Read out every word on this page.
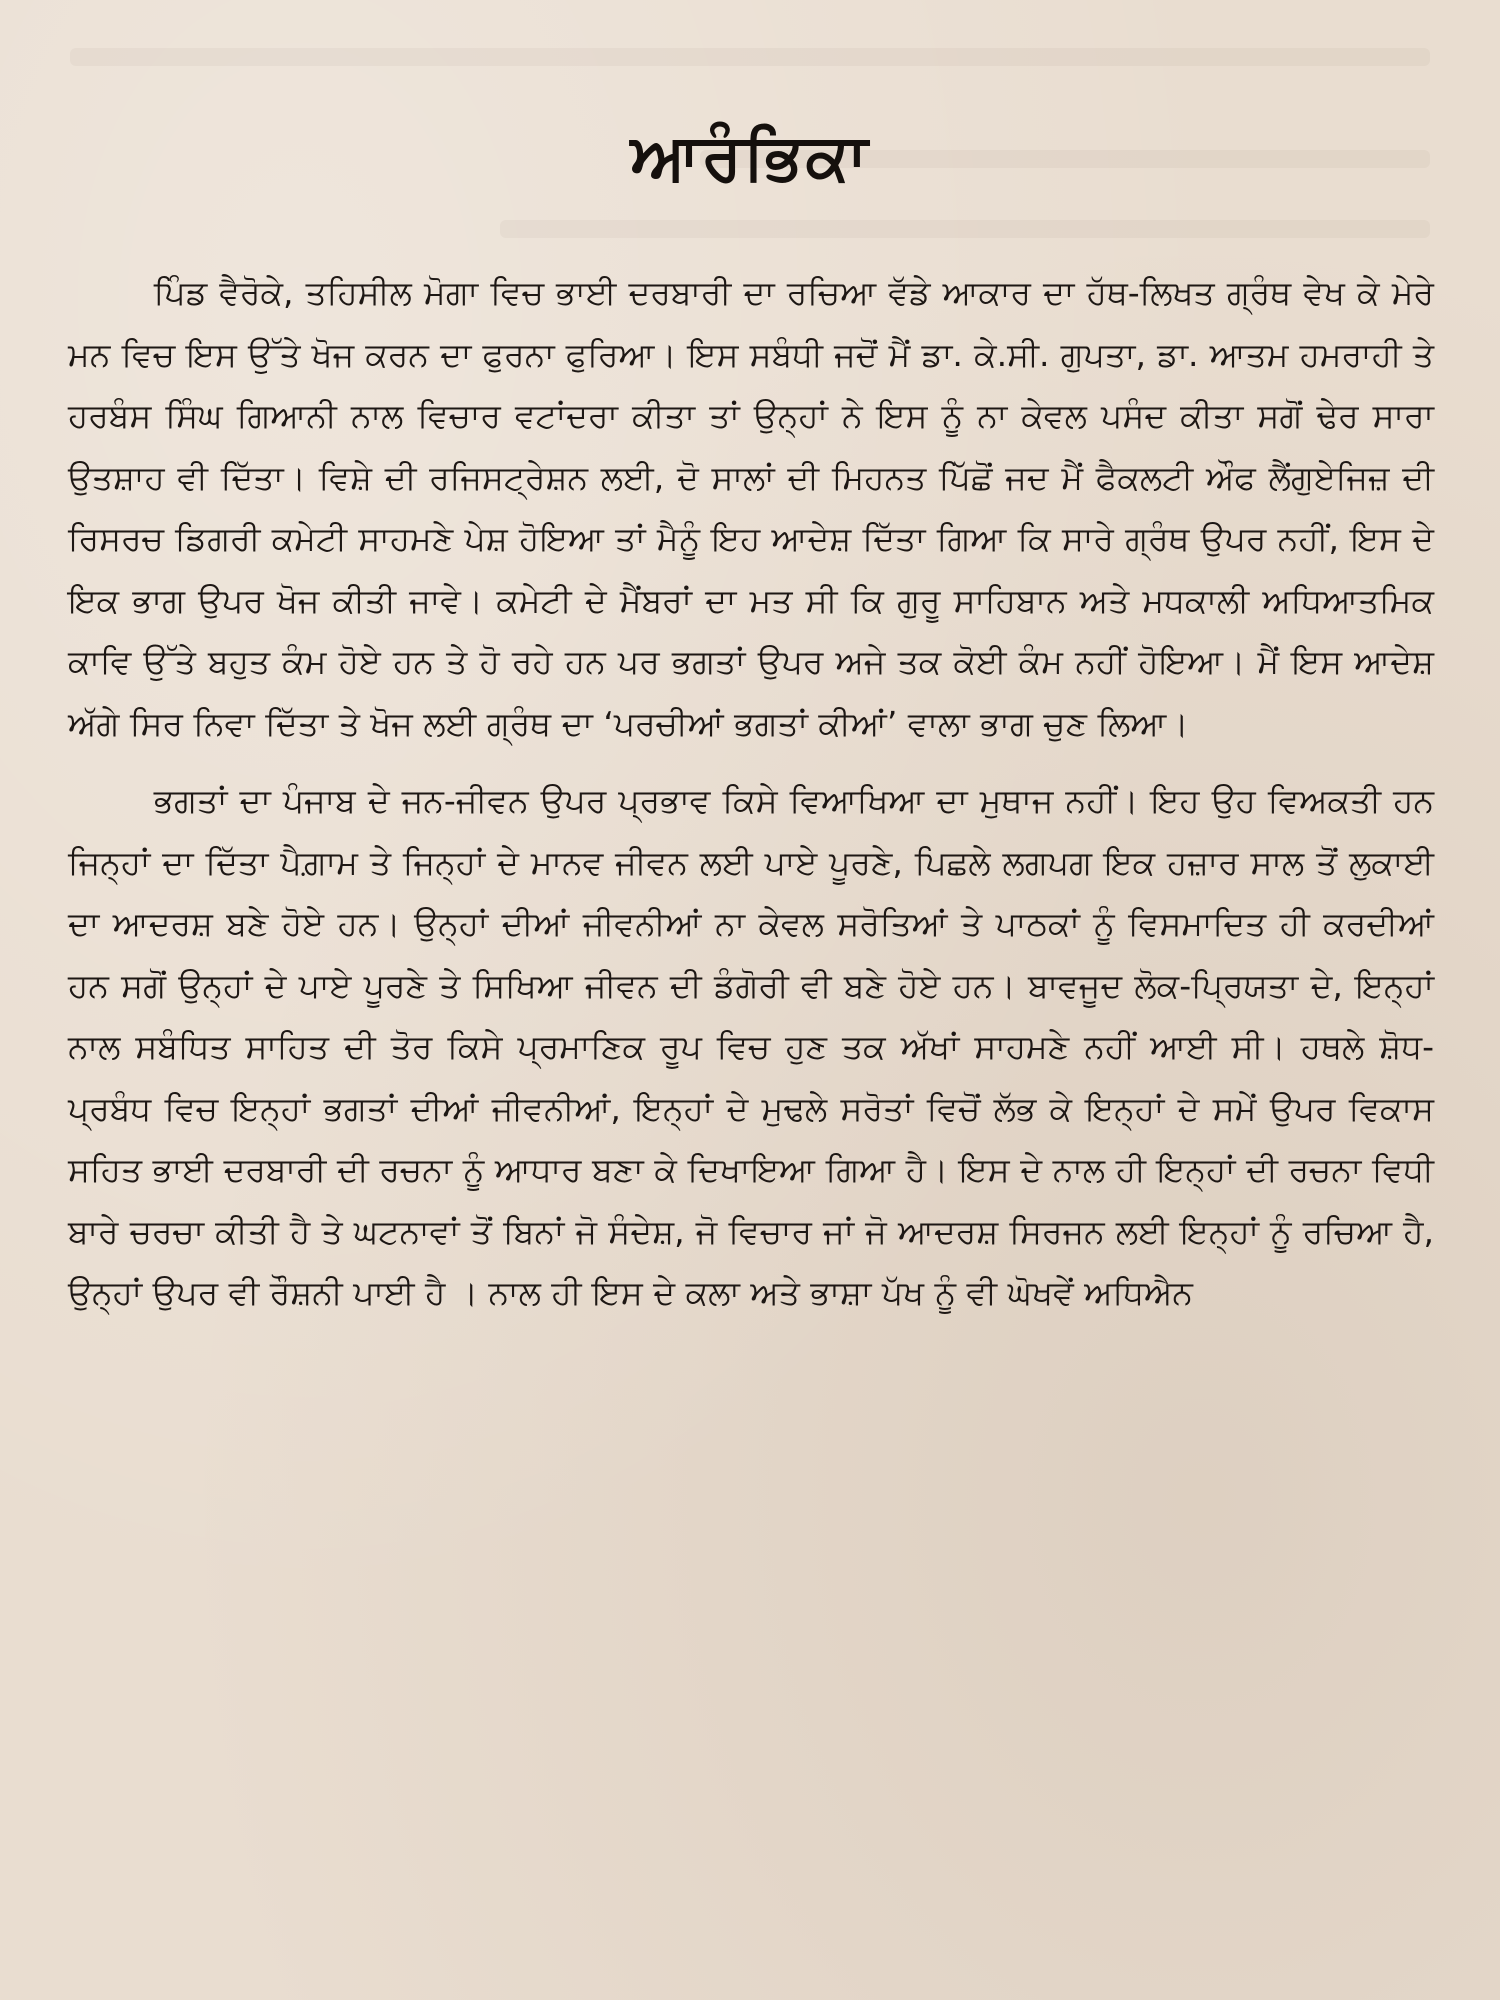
ਆਰੰਭਿਕਾ

ਪਿੰਡ ਵੈਰੋਕੇ, ਤਹਿਸੀਲ ਮੋਗਾ ਵਿਚ ਭਾਈ ਦਰਬਾਰੀ ਦਾ ਰਚਿਆ ਵੱਡੇ ਆਕਾਰ ਦਾ ਹੱਥ-ਲਿਖਤ ਗ੍ਰੰਥ ਵੇਖ ਕੇ ਮੇਰੇ ਮਨ ਵਿਚ ਇਸ ਉੱਤੇ ਖੋਜ ਕਰਨ ਦਾ ਫੁਰਨਾ ਫੁਰਿਆ। ਇਸ ਸਬੰਧੀ ਜਦੋਂ ਮੈਂ ਡਾ. ਕੇ.ਸੀ. ਗੁਪਤਾ, ਡਾ. ਆਤਮ ਹਮਰਾਹੀ ਤੇ ਹਰਬੰਸ ਸਿੰਘ ਗਿਆਨੀ ਨਾਲ ਵਿਚਾਰ ਵਟਾਂਦਰਾ ਕੀਤਾ ਤਾਂ ਉਨ੍ਹਾਂ ਨੇ ਇਸ ਨੂੰ ਨਾ ਕੇਵਲ ਪਸੰਦ ਕੀਤਾ ਸਗੋਂ ਢੇਰ ਸਾਰਾ ਉਤਸ਼ਾਹ ਵੀ ਦਿੱਤਾ। ਵਿਸ਼ੇ ਦੀ ਰਜਿਸਟ੍ਰੇਸ਼ਨ ਲਈ, ਦੋ ਸਾਲਾਂ ਦੀ ਮਿਹਨਤ ਪਿੱਛੋਂ ਜਦ ਮੈਂ ਫੈਕਲਟੀ ਔਫ ਲੈਂਗੁਏਜਿਜ਼ ਦੀ ਰਿਸਰਚ ਡਿਗਰੀ ਕਮੇਟੀ ਸਾਹਮਣੇ ਪੇਸ਼ ਹੋਇਆ ਤਾਂ ਮੈਨੂੰ ਇਹ ਆਦੇਸ਼ ਦਿੱਤਾ ਗਿਆ ਕਿ ਸਾਰੇ ਗ੍ਰੰਥ ਉਪਰ ਨਹੀਂ, ਇਸ ਦੇ ਇਕ ਭਾਗ ਉਪਰ ਖੋਜ ਕੀਤੀ ਜਾਵੇ। ਕਮੇਟੀ ਦੇ ਮੈਂਬਰਾਂ ਦਾ ਮਤ ਸੀ ਕਿ ਗੁਰੂ ਸਾਹਿਬਾਨ ਅਤੇ ਮਧਕਾਲੀ ਅਧਿਆਤਮਿਕ ਕਾਵਿ ਉੱਤੇ ਬਹੁਤ ਕੰਮ ਹੋਏ ਹਨ ਤੇ ਹੋ ਰਹੇ ਹਨ ਪਰ ਭਗਤਾਂ ਉਪਰ ਅਜੇ ਤਕ ਕੋਈ ਕੰਮ ਨਹੀਂ ਹੋਇਆ। ਮੈਂ ਇਸ ਆਦੇਸ਼ ਅੱਗੇ ਸਿਰ ਨਿਵਾ ਦਿੱਤਾ ਤੇ ਖੋਜ ਲਈ ਗ੍ਰੰਥ ਦਾ ‘ਪਰਚੀਆਂ ਭਗਤਾਂ ਕੀਆਂ’ ਵਾਲਾ ਭਾਗ ਚੁਣ ਲਿਆ।

ਭਗਤਾਂ ਦਾ ਪੰਜਾਬ ਦੇ ਜਨ-ਜੀਵਨ ਉਪਰ ਪ੍ਰਭਾਵ ਕਿਸੇ ਵਿਆਖਿਆ ਦਾ ਮੁਥਾਜ ਨਹੀਂ। ਇਹ ਉਹ ਵਿਅਕਤੀ ਹਨ ਜਿਨ੍ਹਾਂ ਦਾ ਦਿੱਤਾ ਪੈਗ਼ਾਮ ਤੇ ਜਿਨ੍ਹਾਂ ਦੇ ਮਾਨਵ ਜੀਵਨ ਲਈ ਪਾਏ ਪੂਰਣੇ, ਪਿਛਲੇ ਲਗਪਗ ਇਕ ਹਜ਼ਾਰ ਸਾਲ ਤੋਂ ਲੁਕਾਈ ਦਾ ਆਦਰਸ਼ ਬਣੇ ਹੋਏ ਹਨ। ਉਨ੍ਹਾਂ ਦੀਆਂ ਜੀਵਨੀਆਂ ਨਾ ਕੇਵਲ ਸਰੋਤਿਆਂ ਤੇ ਪਾਠਕਾਂ ਨੂੰ ਵਿਸਮਾਦਿਤ ਹੀ ਕਰਦੀਆਂ ਹਨ ਸਗੋਂ ਉਨ੍ਹਾਂ ਦੇ ਪਾਏ ਪੂਰਣੇ ਤੇ ਸਿਖਿਆ ਜੀਵਨ ਦੀ ਡੰਗੋਰੀ ਵੀ ਬਣੇ ਹੋਏ ਹਨ। ਬਾਵਜੂਦ ਲੋਕ-ਪ੍ਰਿਯਤਾ ਦੇ, ਇਨ੍ਹਾਂ ਨਾਲ ਸਬੰਧਿਤ ਸਾਹਿਤ ਦੀ ਤੋਰ ਕਿਸੇ ਪ੍ਰਮਾਣਿਕ ਰੂਪ ਵਿਚ ਹੁਣ ਤਕ ਅੱਖਾਂ ਸਾਹਮਣੇ ਨਹੀਂ ਆਈ ਸੀ। ਹਥਲੇ ਸ਼ੋਧ-ਪ੍ਰਬੰਧ ਵਿਚ ਇਨ੍ਹਾਂ ਭਗਤਾਂ ਦੀਆਂ ਜੀਵਨੀਆਂ, ਇਨ੍ਹਾਂ ਦੇ ਮੁਢਲੇ ਸਰੋਤਾਂ ਵਿਚੋਂ ਲੱਭ ਕੇ ਇਨ੍ਹਾਂ ਦੇ ਸਮੇਂ ਉਪਰ ਵਿਕਾਸ ਸਹਿਤ ਭਾਈ ਦਰਬਾਰੀ ਦੀ ਰਚਨਾ ਨੂੰ ਆਧਾਰ ਬਣਾ ਕੇ ਦਿਖਾਇਆ ਗਿਆ ਹੈ। ਇਸ ਦੇ ਨਾਲ ਹੀ ਇਨ੍ਹਾਂ ਦੀ ਰਚਨਾ ਵਿਧੀ ਬਾਰੇ ਚਰਚਾ ਕੀਤੀ ਹੈ ਤੇ ਘਟਨਾਵਾਂ ਤੋਂ ਬਿਨਾਂ ਜੋ ਸੰਦੇਸ਼, ਜੋ ਵਿਚਾਰ ਜਾਂ ਜੋ ਆਦਰਸ਼ ਸਿਰਜਨ ਲਈ ਇਨ੍ਹਾਂ ਨੂੰ ਰਚਿਆ ਹੈ, ਉਨ੍ਹਾਂ ਉਪਰ ਵੀ ਰੌਸ਼ਨੀ ਪਾਈ ਹੈ । ਨਾਲ ਹੀ ਇਸ ਦੇ ਕਲਾ ਅਤੇ ਭਾਸ਼ਾ ਪੱਖ ਨੂੰ ਵੀ ਘੋਖਵੇਂ ਅਧਿਐਨ
